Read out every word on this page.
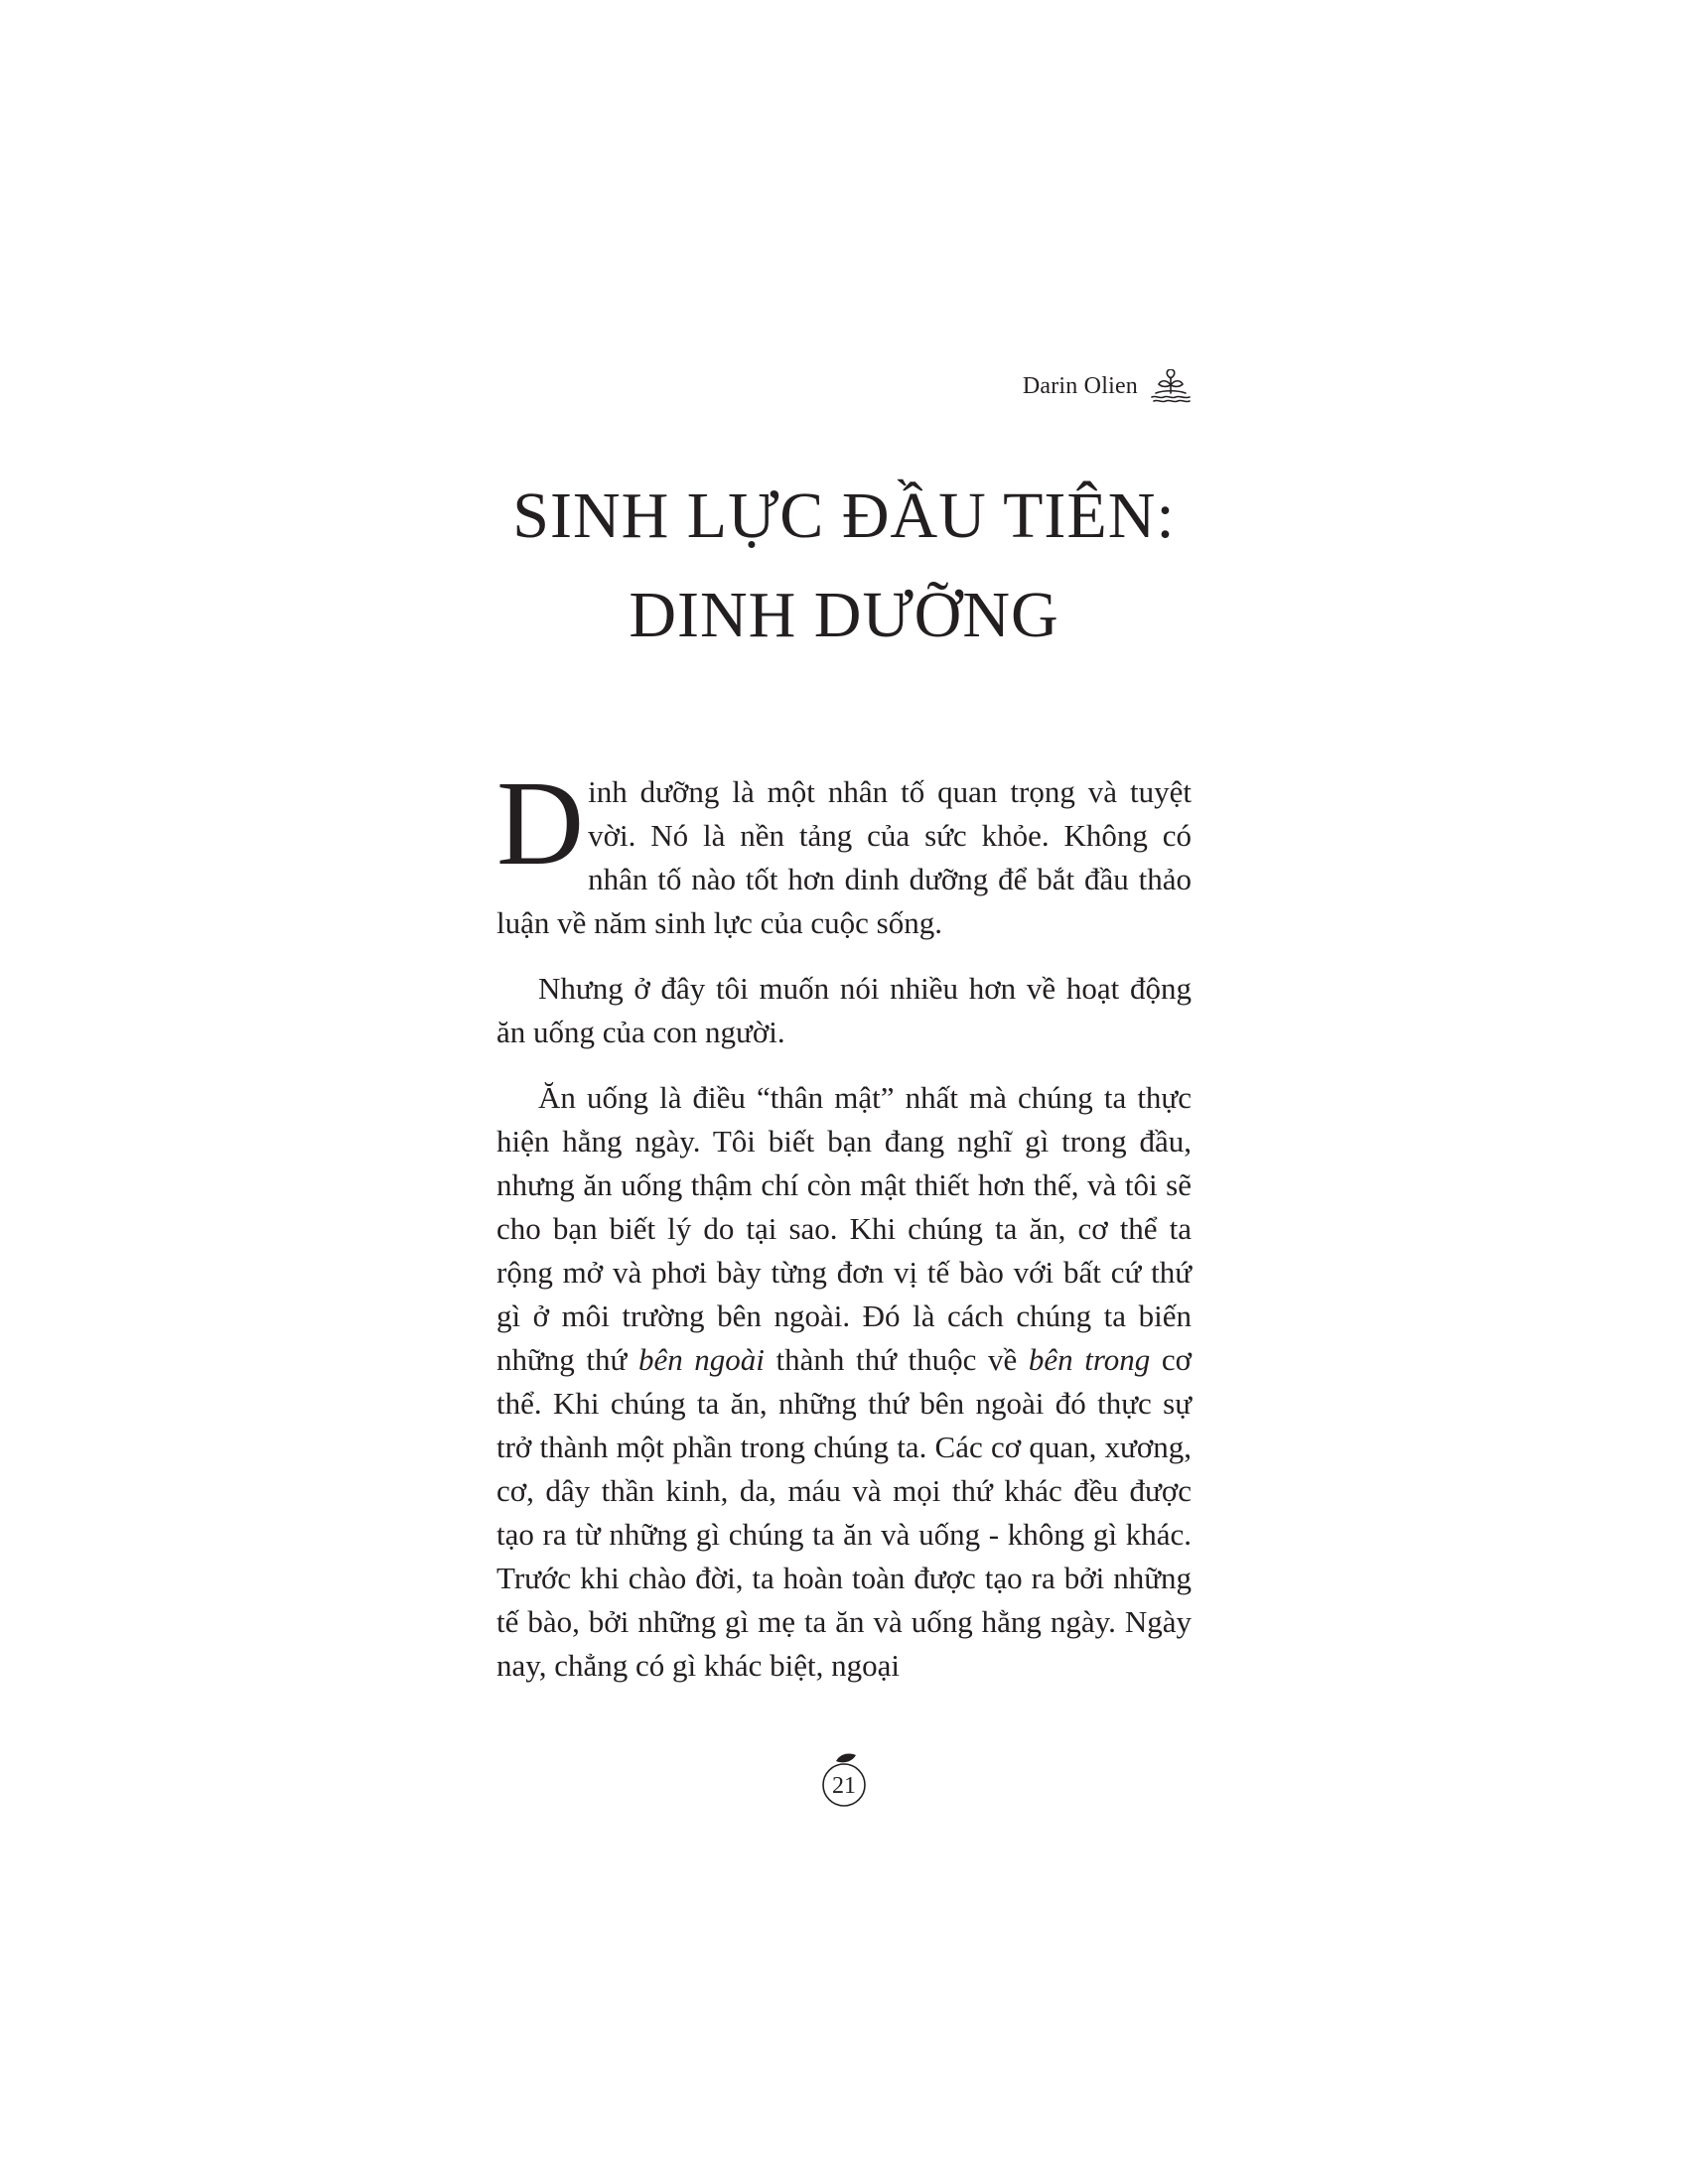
Darin Olien
SINH LỰC ĐẦU TIÊN:
DINH DƯỠNG

Dinh dưỡng là một nhân tố quan trọng và tuyệt vời. Nó là nền tảng của sức khỏe. Không có nhân tố nào tốt hơn dinh dưỡng để bắt đầu thảo luận về năm sinh lực của cuộc sống.

Nhưng ở đây tôi muốn nói nhiều hơn về hoạt động ăn uống của con người.

Ăn uống là điều “thân mật” nhất mà chúng ta thực hiện hằng ngày. Tôi biết bạn đang nghĩ gì trong đầu, nhưng ăn uống thậm chí còn mật thiết hơn thế, và tôi sẽ cho bạn biết lý do tại sao. Khi chúng ta ăn, cơ thể ta rộng mở và phơi bày từng đơn vị tế bào với bất cứ thứ gì ở môi trường bên ngoài. Đó là cách chúng ta biến những thứ bên ngoài thành thứ thuộc về bên trong cơ thể. Khi chúng ta ăn, những thứ bên ngoài đó thực sự trở thành một phần trong chúng ta. Các cơ quan, xương, cơ, dây thần kinh, da, máu và mọi thứ khác đều được tạo ra từ những gì chúng ta ăn và uống - không gì khác. Trước khi chào đời, ta hoàn toàn được tạo ra bởi những tế bào, bởi những gì mẹ ta ăn và uống hằng ngày. Ngày nay, chẳng có gì khác biệt, ngoại

21
